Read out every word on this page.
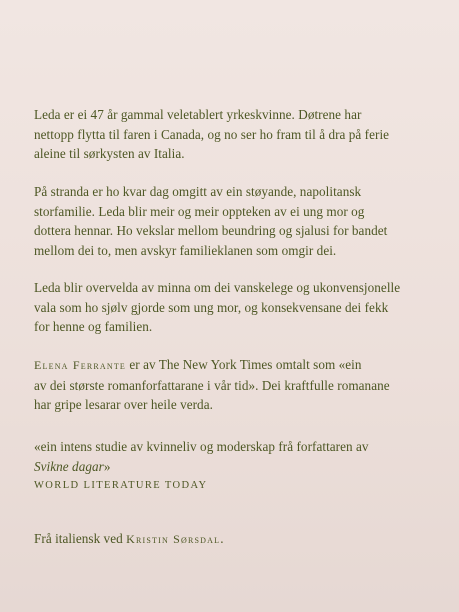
Leda er ei 47 år gammal veletablert yrkeskvinne. Døtrene har
nettopp flytta til faren i Canada, og no ser ho fram til å dra på ferie
aleine til sørkysten av Italia.
På stranda er ho kvar dag omgitt av ein støyande, napolitansk
storfamilie. Leda blir meir og meir oppteken av ei ung mor og
dottera hennar. Ho vekslar mellom beundring og sjalusi for bandet
mellom dei to, men avskyr familieklanen som omgir dei.
Leda blir overvelda av minna om dei vanskelege og ukonvensjonelle
vala som ho sjølv gjorde som ung mor, og konsekvensane dei fekk
for henne og familien.
Elena Ferrante er av The New York Times omtalt som «ein
av dei største romanforfattarane i vår tid». Dei kraftfulle romanane
har gripe lesarar over heile verda.
«ein intens studie av kvinneliv og moderskap frå forfattaren av
Svikne dagar»
WORLD LITERATURE TODAY
Frå italiensk ved Kristin Sørsdal.
